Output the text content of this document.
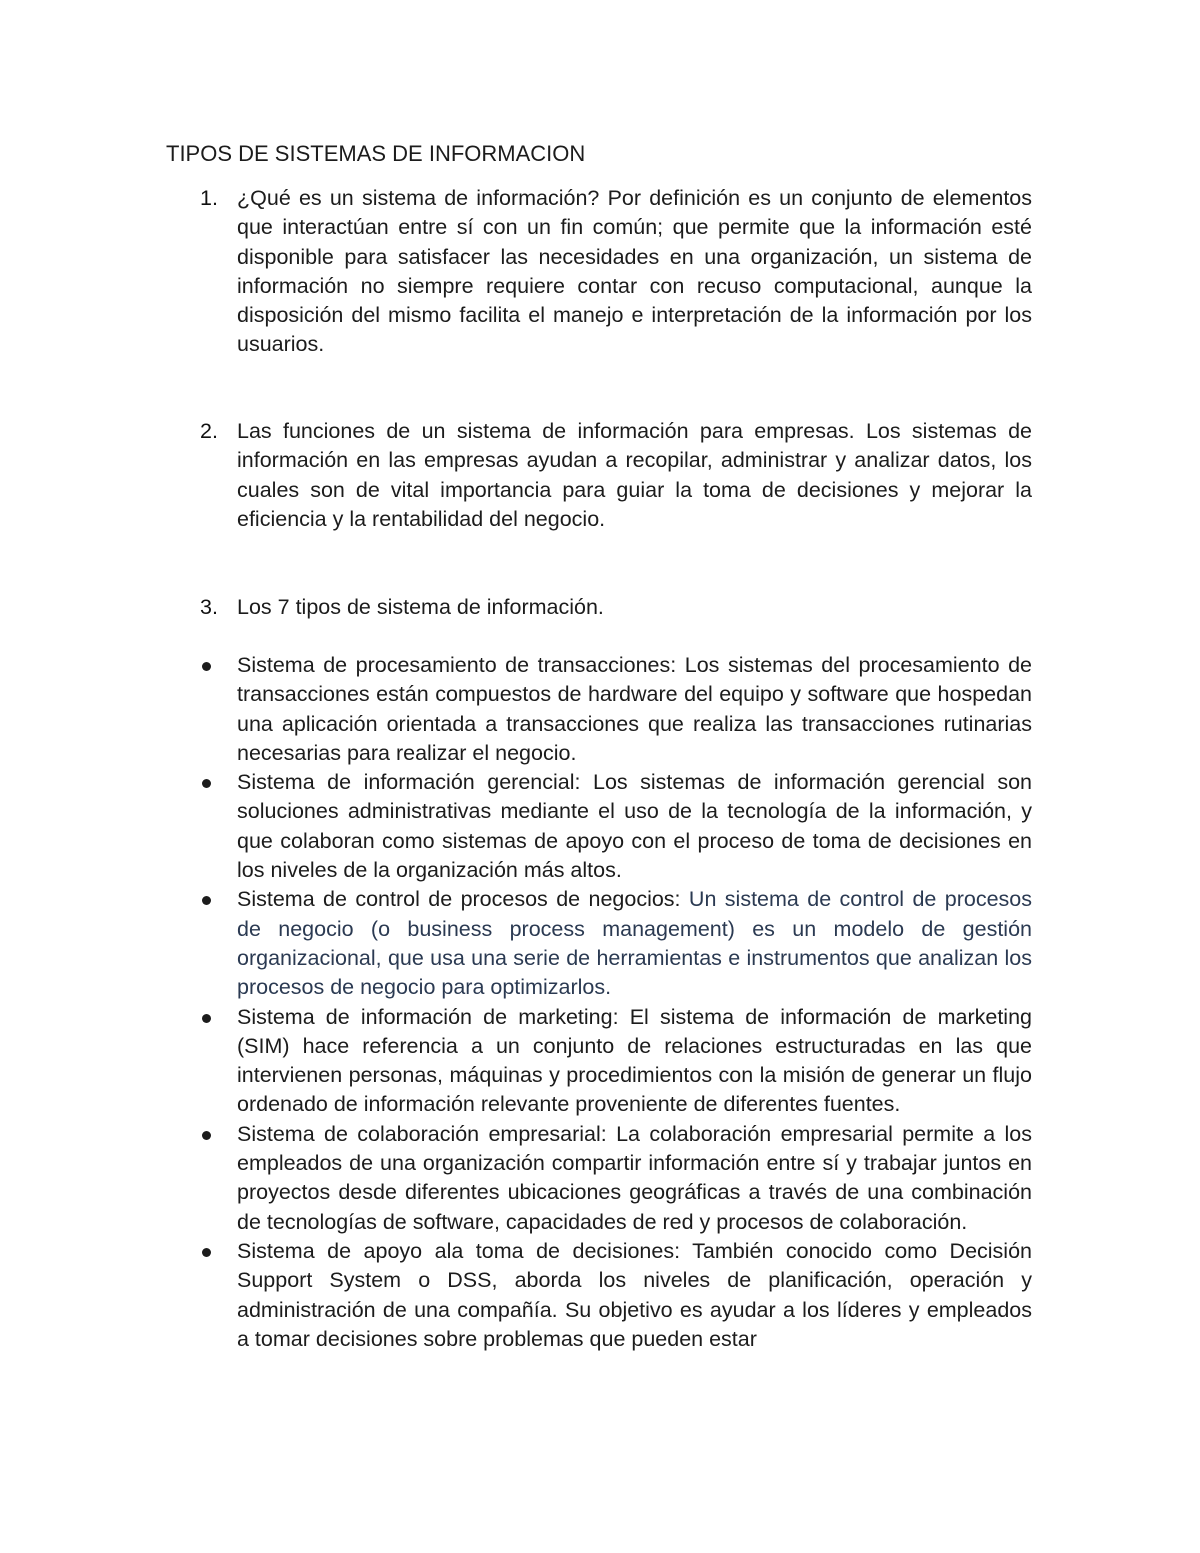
TIPOS DE SISTEMAS DE INFORMACION
1. ¿Qué es un sistema de información? Por definición es un conjunto de elementos que interactúan entre sí con un fin común; que permite que la información esté disponible para satisfacer las necesidades en una organización, un sistema de información no siempre requiere contar con recuso computacional, aunque la disposición del mismo facilita el manejo e interpretación de la información por los usuarios.
2. Las funciones de un sistema de información para empresas. Los sistemas de información en las empresas ayudan a recopilar, administrar y analizar datos, los cuales son de vital importancia para guiar la toma de decisiones y mejorar la eficiencia y la rentabilidad del negocio.
3. Los 7 tipos de sistema de información.
Sistema de procesamiento de transacciones: Los sistemas del procesamiento de transacciones están compuestos de hardware del equipo y software que hospedan una aplicación orientada a transacciones que realiza las transacciones rutinarias necesarias para realizar el negocio.
Sistema de información gerencial: Los sistemas de información gerencial son soluciones administrativas mediante el uso de la tecnología de la información, y que colaboran como sistemas de apoyo con el proceso de toma de decisiones en los niveles de la organización más altos.
Sistema de control de procesos de negocios: Un sistema de control de procesos de negocio (o business process management) es un modelo de gestión organizacional, que usa una serie de herramientas e instrumentos que analizan los procesos de negocio para optimizarlos.
Sistema de información de marketing: El sistema de información de marketing (SIM) hace referencia a un conjunto de relaciones estructuradas en las que intervienen personas, máquinas y procedimientos con la misión de generar un flujo ordenado de información relevante proveniente de diferentes fuentes.
Sistema de colaboración empresarial: La colaboración empresarial permite a los empleados de una organización compartir información entre sí y trabajar juntos en proyectos desde diferentes ubicaciones geográficas a través de una combinación de tecnologías de software, capacidades de red y procesos de colaboración.
Sistema de apoyo ala toma de decisiones: También conocido como Decisión Support System o DSS, aborda los niveles de planificación, operación y administración de una compañía. Su objetivo es ayudar a los líderes y empleados a tomar decisiones sobre problemas que pueden estar
